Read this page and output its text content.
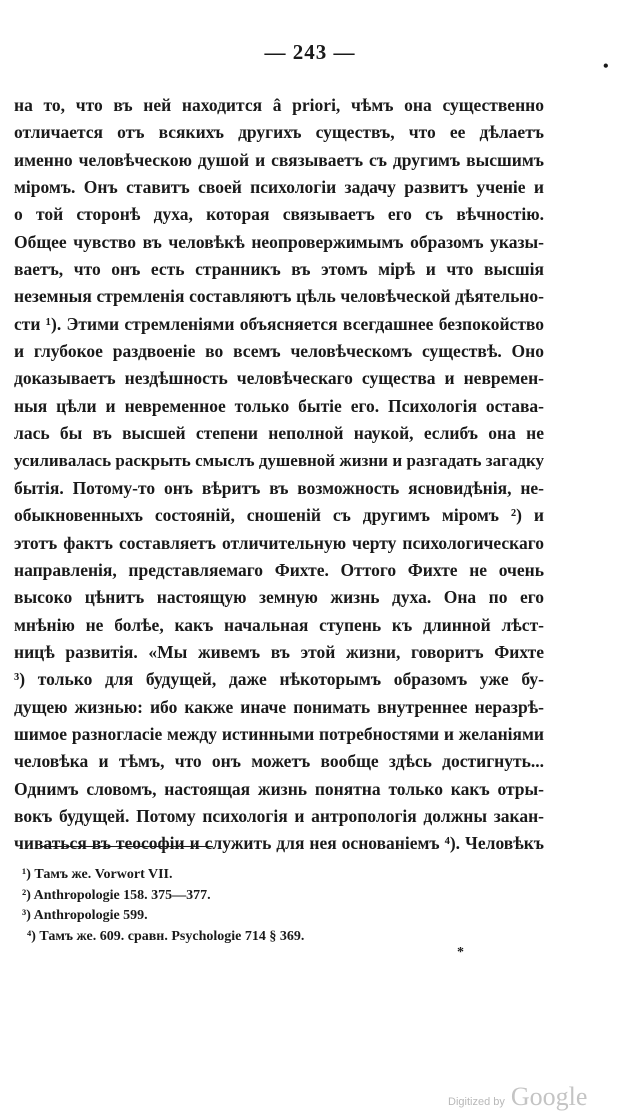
— 243 —
•
на то, что въ ней находится â priori, чѣмъ она существенно
отличается отъ всякихъ другихъ существъ, что ее дѣлаетъ
именно человѣческою душой и связываетъ съ другимъ высшимъ
міромъ. Онъ ставитъ своей психологіи задачу развитъ ученіе и
о той сторонѣ духа, которая связываетъ его съ вѣчностію.
Общее чувство въ человѣкѣ неопровержимымъ образомъ указы-
ваетъ, что онъ есть странникъ въ этомъ мірѣ и что высшія
неземныя стремленія составляютъ цѣль человѣческой дѣятельно-
сти ¹). Этими стремленіями объясняется всегдашнее безпокойство
и глубокое раздвоеніе во всемъ человѣческомъ существѣ. Оно
доказываетъ нездѣшность человѣческаго существа и невремен-
ныя цѣли и невременное только бытіе его. Психологія остава-
лась бы въ высшей степени неполной наукой, еслибъ она не
усиливалась раскрыть смыслъ душевной жизни и разгадать загадку
бытія. Потому-то онъ вѣритъ въ возможность ясновидѣнія, не-
обыкновенныхъ состояній, сношеній съ другимъ міромъ ²) и
этотъ фактъ составляетъ отличительную черту психологическаго
направленія, представляемаго Фихте. Оттого Фихте не очень
высоко цѣнитъ настоящую земную жизнь духа. Она по его
мнѣнію не болѣе, какъ начальная ступень къ длинной лѣст-
ницѣ развитія. «Мы живемъ въ этой жизни, говоритъ Фихте
³) только для будущей, даже нѣкоторымъ образомъ уже бу-
дущею жизнью: ибо какже иначе понимать внутреннее неразрѣ-
шимое разногласіе между истинными потребностями и желаніями
человѣка и тѣмъ, что онъ можетъ вообще здѣсь достигнуть...
Однимъ словомъ, настоящая жизнь понятна только какъ отры-
вокъ будущей. Потому психологія и антропологія должны закан-
чиваться въ теософіи и служить для нея основаніемъ ⁴). Человѣкъ
¹) Тамъ же. Vorwort VII.
²) Anthropologie 158. 375—377.
³) Anthropologie 599.
⁴) Тамъ же. 609. сравн. Psychologie 714 § 369.
*
Digitized by Google
